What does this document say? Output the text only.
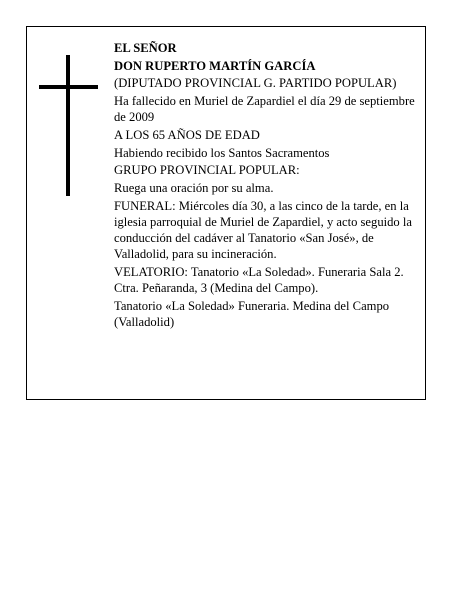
EL SEÑOR

DON RUPERTO MARTÍN GARCÍA

(DIPUTADO PROVINCIAL G. PARTIDO POPULAR)

Ha fallecido en Muriel de Zapardiel el día 29 de septiembre de 2009

A LOS 65 AÑOS DE EDAD

Habiendo recibido los Santos Sacramentos

GRUPO PROVINCIAL POPULAR:

Ruega una oración por su alma.

FUNERAL: Miércoles día 30, a las cinco de la tarde, en la iglesia parroquial de Muriel de Zapardiel, y acto seguido la conducción del cadáver al Tanatorio «San José», de Valladolid, para su incineración.

VELATORIO: Tanatorio «La Soledad». Funeraria Sala 2. Ctra. Peñaranda, 3 (Medina del Campo).

Tanatorio «La Soledad» Funeraria. Medina del Campo (Valladolid)
